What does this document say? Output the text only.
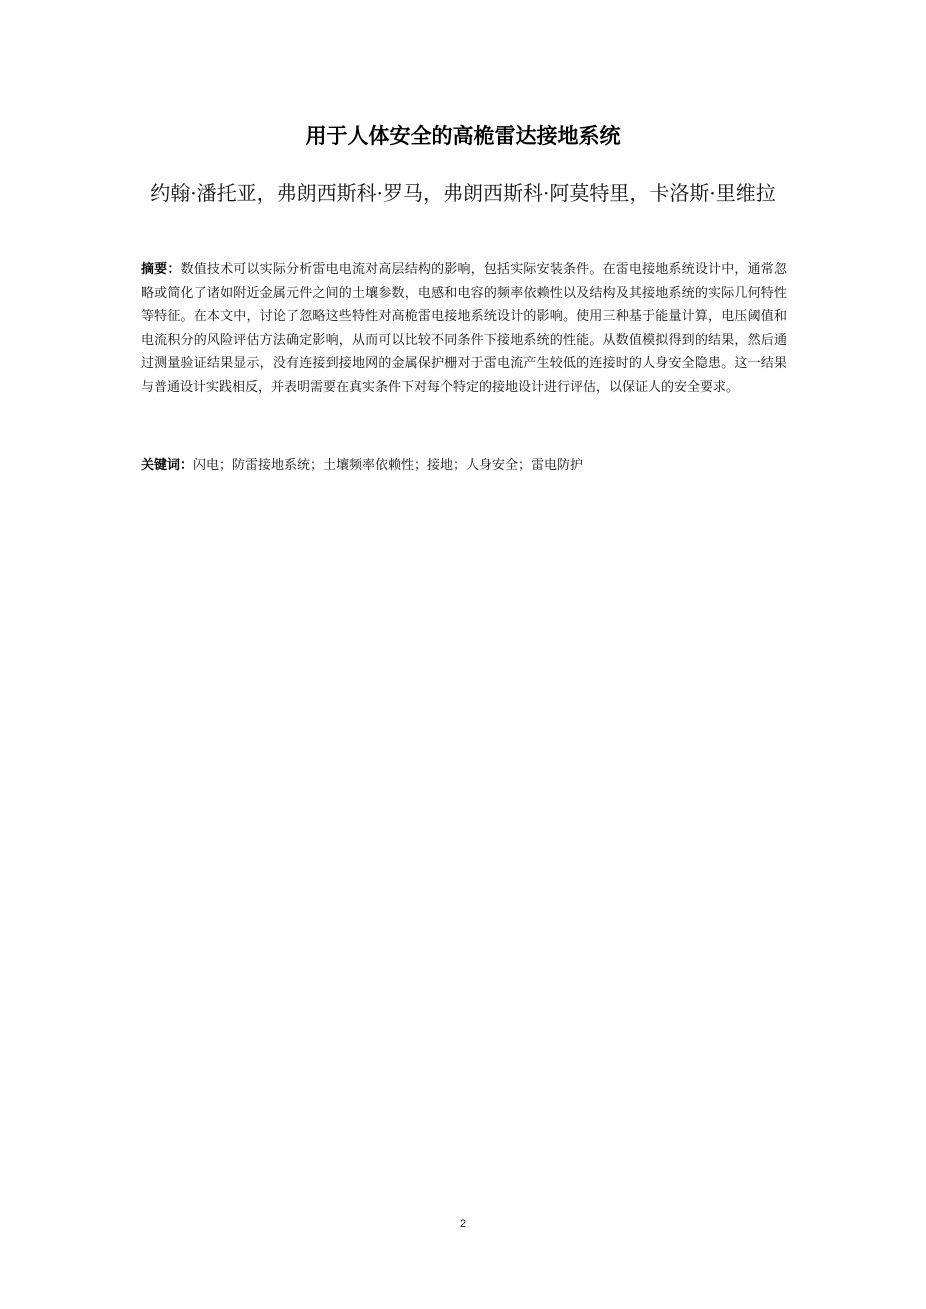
用于人体安全的高桅雷达接地系统
约翰·潘托亚，弗朗西斯科·罗马，弗朗西斯科·阿莫特里，卡洛斯·里维拉
摘要：数值技术可以实际分析雷电电流对高层结构的影响，包括实际安装条件。在雷电接地系统设计中，通常忽略或简化了诸如附近金属元件之间的土壤参数，电感和电容的频率依赖性以及结构及其接地系统的实际几何特性等特征。在本文中，讨论了忽略这些特性对高桅雷电接地系统设计的影响。使用三种基于能量计算，电压阈值和电流积分的风险评估方法确定影响，从而可以比较不同条件下接地系统的性能。从数值模拟得到的结果，然后通过测量验证结果显示，没有连接到接地网的金属保护栅对于雷电流产生较低的连接时的人身安全隐患。这一结果与普通设计实践相反，并表明需要在真实条件下对每个特定的接地设计进行评估，以保证人的安全要求。
关键词：闪电；防雷接地系统；土壤频率依赖性；接地；人身安全；雷电防护
2
